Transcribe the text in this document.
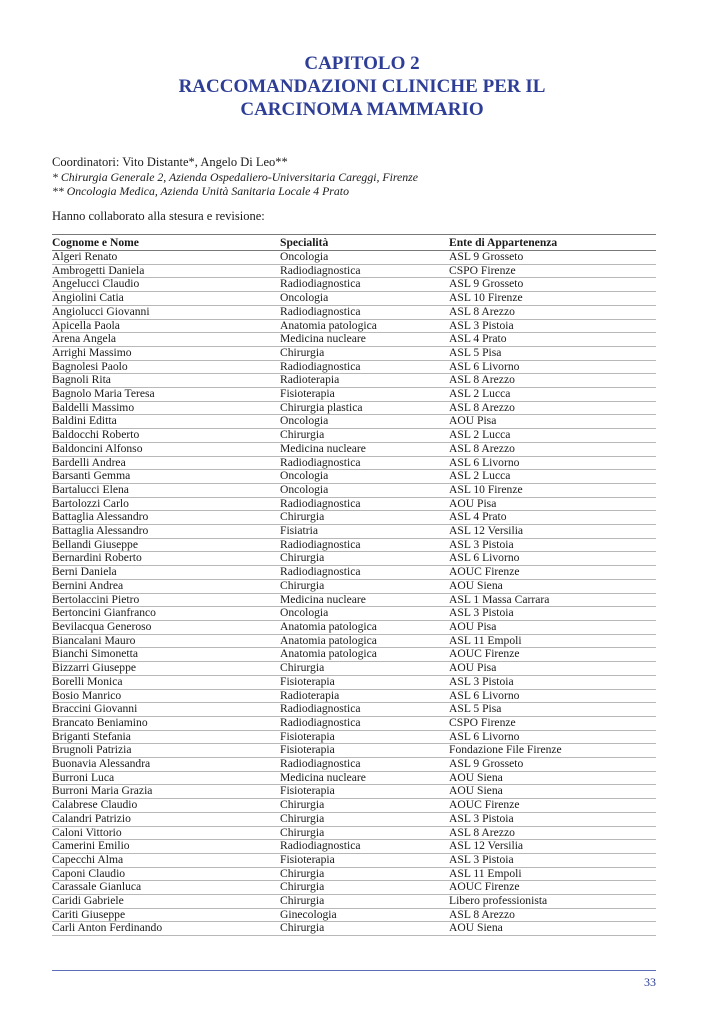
CAPITOLO 2
RACCOMANDAZIONI CLINICHE PER IL
CARCINOMA MAMMARIO
Coordinatori: Vito Distante*, Angelo Di Leo**
* Chirurgia Generale 2, Azienda Ospedaliero-Universitaria Careggi, Firenze
** Oncologia Medica, Azienda Unità Sanitaria Locale 4 Prato
Hanno collaborato alla stesura e revisione:
Cognome e Nome	Specialità	Ente di Appartenenza
Algeri Renato	Oncologia	ASL 9 Grosseto
Ambrogetti Daniela	Radiodiagnostica	CSPO Firenze
Angelucci Claudio	Radiodiagnostica	ASL 9 Grosseto
Angiolini Catia	Oncologia	ASL 10 Firenze
Angiolucci Giovanni	Radiodiagnostica	ASL 8 Arezzo
Apicella Paola	Anatomia patologica	ASL 3 Pistoia
Arena Angela	Medicina nucleare	ASL 4 Prato
Arrighi Massimo	Chirurgia	ASL 5 Pisa
Bagnolesi Paolo	Radiodiagnostica	ASL 6 Livorno
Bagnoli Rita	Radioterapia	ASL 8 Arezzo
Bagnolo Maria Teresa	Fisioterapia	ASL 2 Lucca
Baldelli Massimo	Chirurgia plastica	ASL 8 Arezzo
Baldini Editta	Oncologia	AOU Pisa
Baldocchi Roberto	Chirurgia	ASL 2 Lucca
Baldoncini Alfonso	Medicina nucleare	ASL 8 Arezzo
Bardelli Andrea	Radiodiagnostica	ASL 6 Livorno
Barsanti Gemma	Oncologia	ASL 2 Lucca
Bartalucci Elena	Oncologia	ASL 10 Firenze
Bartolozzi Carlo	Radiodiagnostica	AOU Pisa
Battaglia Alessandro	Chirurgia	ASL 4 Prato
Battaglia Alessandro	Fisiatria	ASL 12 Versilia
Bellandi Giuseppe	Radiodiagnostica	ASL 3 Pistoia
Bernardini Roberto	Chirurgia	ASL 6 Livorno
Berni Daniela	Radiodiagnostica	AOUC Firenze
Bernini Andrea	Chirurgia	AOU Siena
Bertolaccini Pietro	Medicina nucleare	ASL 1 Massa Carrara
Bertoncini Gianfranco	Oncologia	ASL 3 Pistoia
Bevilacqua Generoso	Anatomia patologica	AOU Pisa
Biancalani Mauro	Anatomia patologica	ASL 11 Empoli
Bianchi Simonetta	Anatomia patologica	AOUC Firenze
Bizzarri Giuseppe	Chirurgia	AOU Pisa
Borelli Monica	Fisioterapia	ASL 3 Pistoia
Bosio Manrico	Radioterapia	ASL 6 Livorno
Braccini Giovanni	Radiodiagnostica	ASL 5 Pisa
Brancato Beniamino	Radiodiagnostica	CSPO Firenze
Briganti Stefania	Fisioterapia	ASL 6 Livorno
Brugnoli Patrizia	Fisioterapia	Fondazione File Firenze
Buonavia Alessandra	Radiodiagnostica	ASL 9 Grosseto
Burroni Luca	Medicina nucleare	AOU Siena
Burroni Maria Grazia	Fisioterapia	AOU Siena
Calabrese Claudio	Chirurgia	AOUC Firenze
Calandri Patrizio	Chirurgia	ASL 3 Pistoia
Caloni Vittorio	Chirurgia	ASL 8 Arezzo
Camerini Emilio	Radiodiagnostica	ASL 12 Versilia
Capecchi Alma	Fisioterapia	ASL 3 Pistoia
Caponi Claudio	Chirurgia	ASL 11 Empoli
Carassale Gianluca	Chirurgia	AOUC Firenze
Caridi Gabriele	Chirurgia	Libero professionista
Cariti Giuseppe	Ginecologia	ASL 8 Arezzo
Carli Anton Ferdinando	Chirurgia	AOU Siena
33
